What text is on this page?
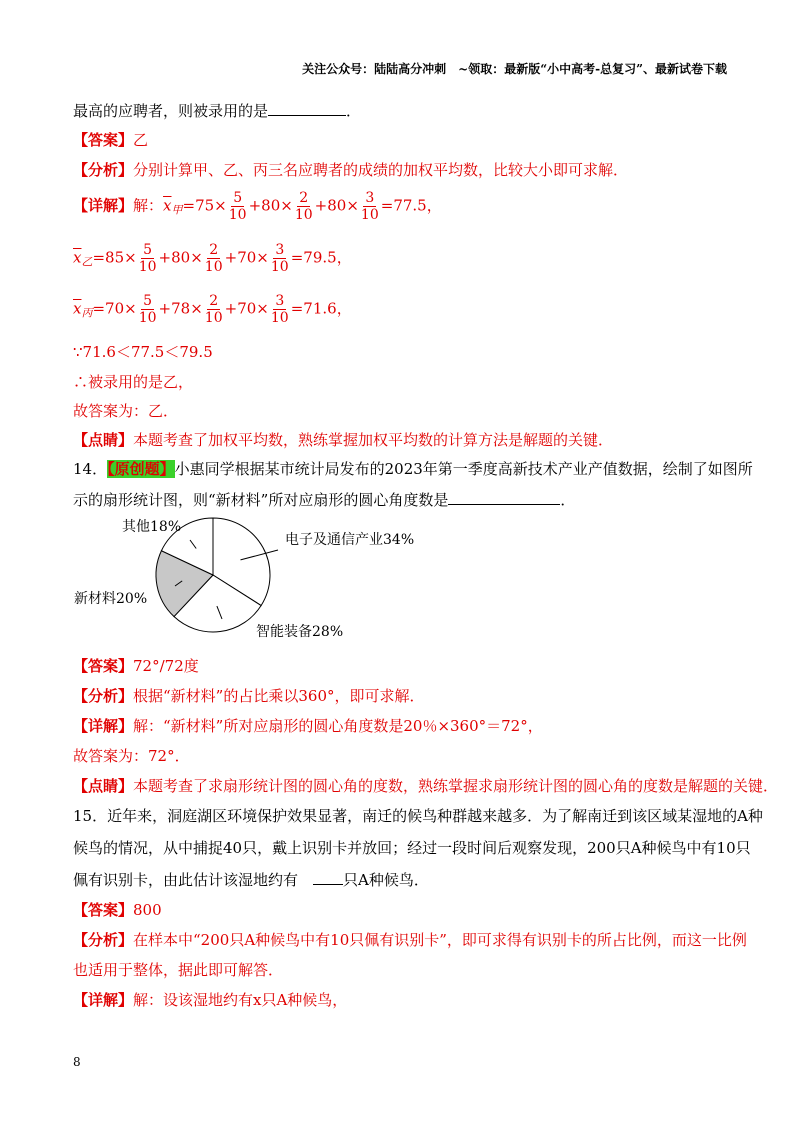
关注公众号：陆陆高分冲刺　~领取：最新版“小中高考-总复习”、最新试卷下载
最高的应聘者，则被录用的是	．
【答案】乙
【分析】分别计算甲、乙、丙三名应聘者的成绩的加权平均数，比较大小即可求解．
【详解】解：$\overline{x}_甲=75\times \frac{5}{10} +80\times \frac{2}{10} +80\times \frac{3}{10} =77.5$，
$\overline{x}_乙=85\times \frac{5}{10} +80\times \frac{2}{10} +70\times \frac{3}{10} =79.5$，
$\overline{x}_丙=70\times \frac{5}{10} +78\times \frac{2}{10} +70\times \frac{3}{10} =71.6$，
∵71.6＜77.5＜79.5
∴被录用的是乙，
故答案为：乙．
【点睛】本题考查了加权平均数，熟练掌握加权平均数的计算方法是解题的关键．
14．【原创题】小惠同学根据某市统计局发布的2023年第一季度高新技术产业产值数据，绘制了如图所
示的扇形统计图，则“新材料”所对应扇形的圆心角度数是	．
电子及通信产业34%
智能装备28%
新材料20%
其他18%
【答案】72°/72度
【分析】根据“新材料”的占比乘以360°，即可求解．
【详解】解：“新材料”所对应扇形的圆心角度数是20％×360°＝72°，
故答案为：72°．
【点睛】本题考查了求扇形统计图的圆心角的度数，熟练掌握求扇形统计图的圆心角的度数是解题的关键．
15．近年来，洞庭湖区环境保护效果显著，南迁的候鸟种群越来越多．为了解南迁到该区域某湿地的A种
候鸟的情况，从中捕捉40只，戴上识别卡并放回；经过一段时间后观察发现，200只A种候鸟中有10只
佩有识别卡，由此估计该湿地约有　	只A种候鸟．
【答案】800
【分析】在样本中“200只A种候鸟中有10只佩有识别卡”，即可求得有识别卡的所占比例，而这一比例
也适用于整体，据此即可解答．
【详解】解：设该湿地约有x只A种候鸟，
8
